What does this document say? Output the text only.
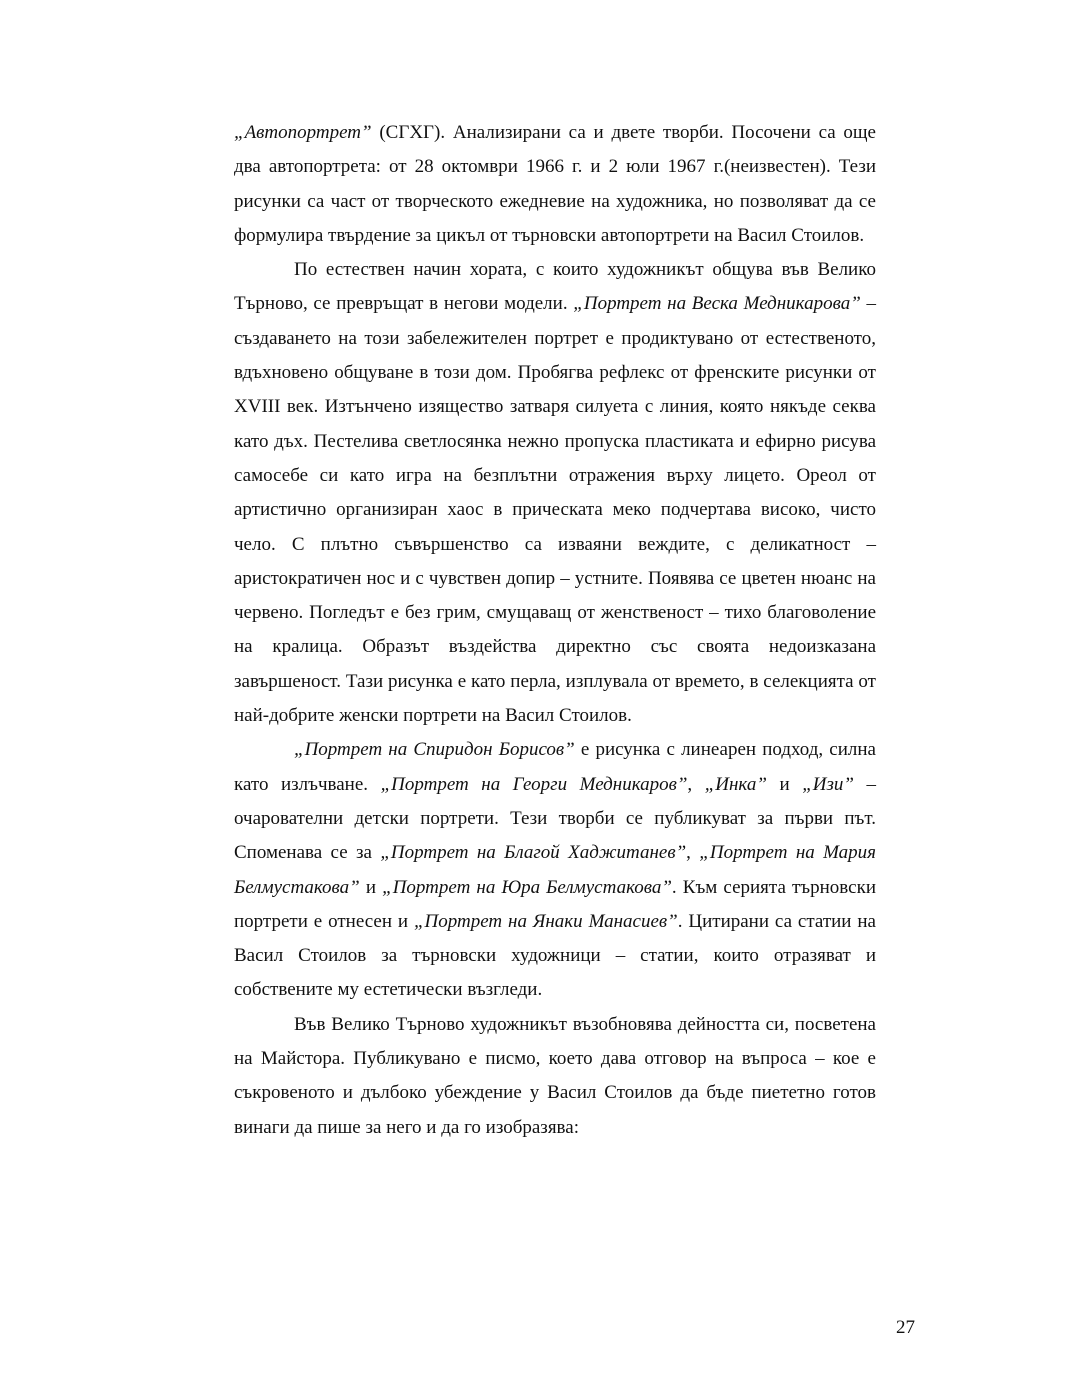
„Автопортрет” (СГХГ). Анализирани са и двете творби. Посочени са още два автопортрета: от 28 октомври 1966 г. и 2 юли 1967 г.(неизвестен). Тези рисунки са част от творческото ежедневие на художника, но позволяват да се формулира твърдение за цикъл от търновски автопортрети на Васил Стоилов.

По естествен начин хората, с които художникът общува във Велико Търново, се превръщат в негови модели. „Портрет на Веска Медникарова” – създаването на този забележителен портрет е продиктувано от естественото, вдъхновено общуване в този дом. Пробягва рефлекс от френските рисунки от XVIII век. Изтънчено изящество затваря силуета с линия, която някъде секва като дъх. Пестелива светлосянка нежно пропуска пластиката и ефирно рисува самосебе си като игра на безплътни отражения върху лицето. Ореол от артистично организиран хаос в прическата меко подчертава високо, чисто чело. С плътно съвършенство са изваяни веждите, с деликатност – аристократичен нос и с чувствен допир – устните. Появява се цветен нюанс на червено. Погледът е без грим, смущаващ от женственост – тихо благоволение на кралица. Образът въздейства директно със своята недоизказана завършеност. Тази рисунка е като перла, изплувала от времето, в селекцията от най-добрите женски портрети на Васил Стоилов.

„Портрет на Спиридон Борисов” е рисунка с линеарен подход, силна като излъчване. „Портрет на Георги Медникаров”, „Инка” и „Изи” – очарователни детски портрети. Тези творби се публикуват за първи път. Споменава се за „Портрет на Благой Хаджитанев”, „Портрет на Мария Белмустакова” и „Портрет на Юра Белмустакова”. Към серията търновски портрети е отнесен и „Портрет на Янаки Манасиев”. Цитирани са статии на Васил Стоилов за търновски художници – статии, които отразяват и собствените му естетически възгледи.

Във Велико Търново художникът възобновява дейността си, посветена на Майстора. Публикувано е писмо, което дава отговор на въпроса – кое е съкровеното и дълбоко убеждение у Васил Стоилов да бъде пиететно готов винаги да пише за него и да го изобразява:

27
